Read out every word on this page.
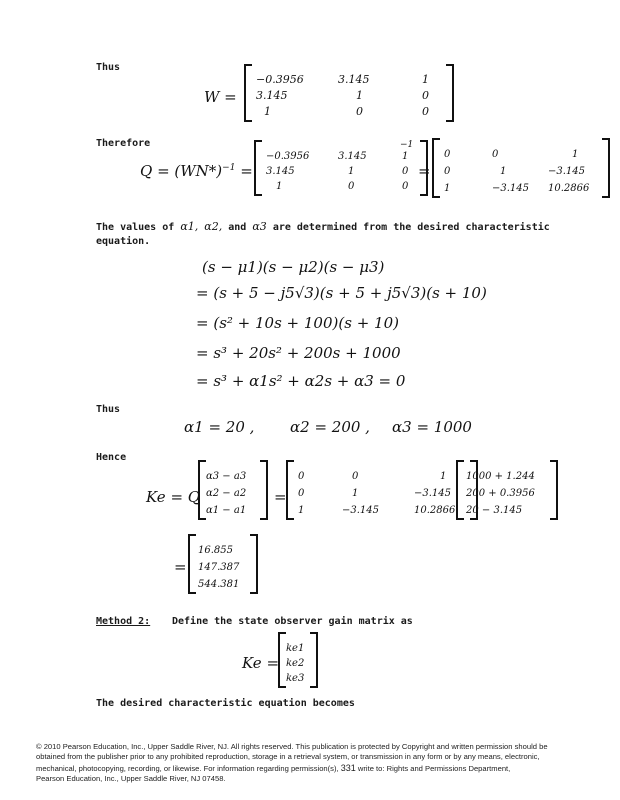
Thus
W =
−0.3956	3.145	1
3.145	1	0
1	0	0
Therefore
$Q = (WN*)^{-1}$ =
−0.3956	3.145	1
3.145	1	0
1	0	0
−1
=
0	0	1
0	1	−3.145
1	−3.145	10.2866
The values of α1, α2, and α3 are determined from the desired characteristic
equation.
(s − μ1)(s − μ2)(s − μ3)
= (s + 5 − j5√3)(s + 5 + j5√3)(s + 10)
= (s² + 10s + 100)(s + 10)
= s³ + 20s² + 200s + 1000
= s³ + α1s² + α2s + α3 = 0
Thus
α1 = 20 , α2 = 200 , α3 = 1000
Hence
Ke = Q
α3 − a3
α2 − a2
α1 − a1
=
0	0	1
0	1	−3.145
1	−3.145	10.2866
1000 + 1.244
200 + 0.3956
20 − 3.145
=
16.855
147.387
544.381
Method 2: Define the state observer gain matrix as
Ke =
ke1
ke2
ke3
The desired characteristic equation becomes

© 2010 Pearson Education, Inc., Upper Saddle River, NJ. All rights reserved. This publication is protected by Copyright and written permission should be

obtained from the publisher prior to any prohibited reproduction, storage in a retrieval system, or transmission in any form or by any means, electronic,

mechanical, photocopying, recording, or likewise. For information regarding permission(s), 331 write to: Rights and Permissions Department,

Pearson Education, Inc., Upper Saddle River, NJ 07458.
